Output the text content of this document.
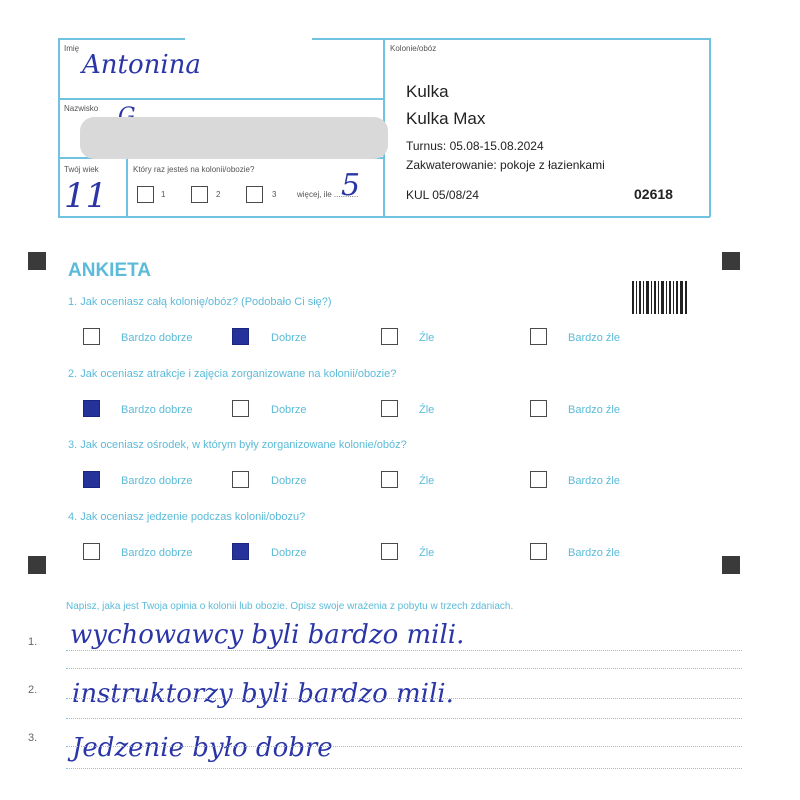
Imię
Antonina
Nazwisko
Twój wiek
11
Który raz jesteś na kolonii/obozie?
1	2	3	więcej, ile ...........
5
Kolonie/obóz
Kulka
Kulka Max
Turnus: 05.08-15.08.2024
Zakwaterowanie: pokoje z łazienkami
KUL 05/08/24	02618
ANKIETA
1. Jak oceniasz całą kolonię/obóz? (Podobało Ci się?)
Bardzo dobrze	Dobrze	Źle	Bardzo źle
2. Jak oceniasz atrakcje i zajęcia zorganizowane na kolonii/obozie?
Bardzo dobrze	Dobrze	Źle	Bardzo źle
3. Jak oceniasz ośrodek, w którym były zorganizowane kolonie/obóz?
Bardzo dobrze	Dobrze	Źle	Bardzo źle
4. Jak oceniasz jedzenie podczas kolonii/obozu?
Bardzo dobrze	Dobrze	Źle	Bardzo źle
Napisz, jaka jest Twoja opinia o kolonii lub obozie. Opisz swoje wrażenia z pobytu w trzech zdaniach.
1. wychowawcy byli bardzo mili.
2. instruktorzy byli bardzo mili.
3. Jedzenie było dobre
